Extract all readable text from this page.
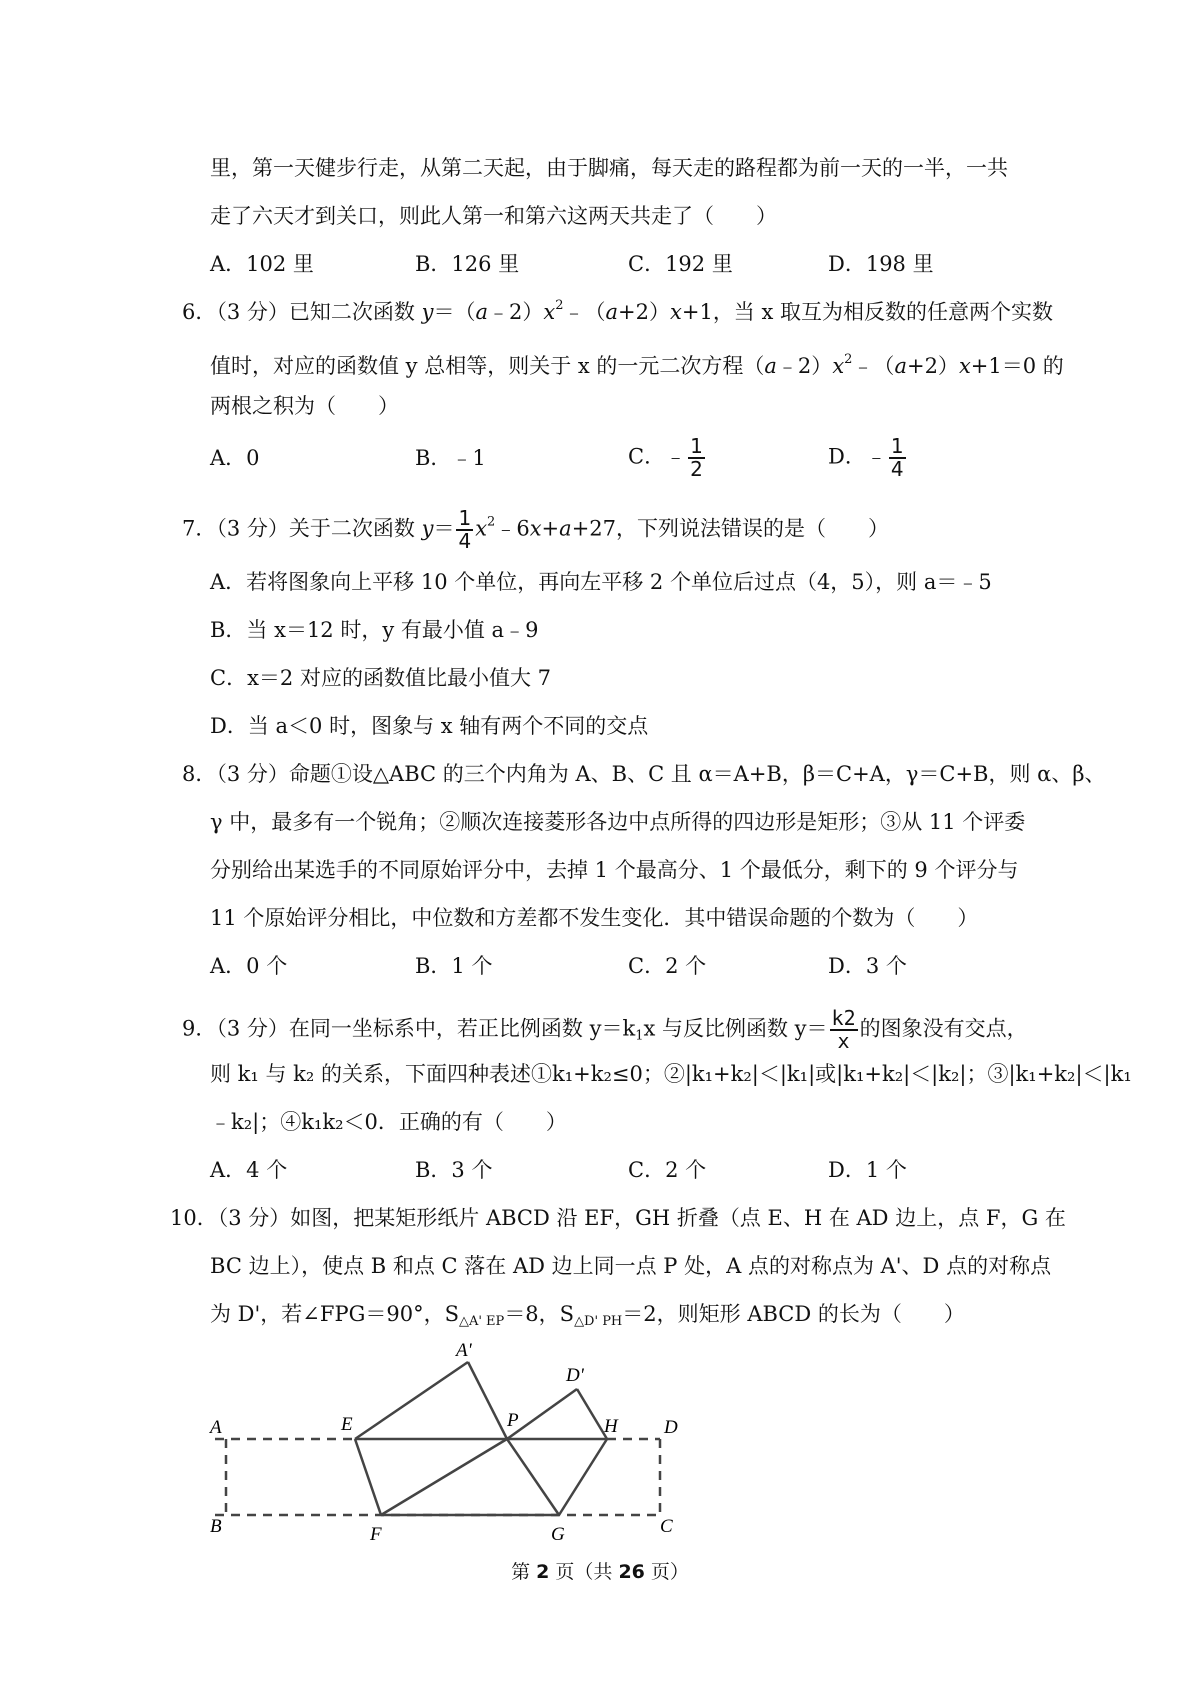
里，第一天健步行走，从第二天起，由于脚痛，每天走的路程都为前一天的一半，一共
走了六天才到关口，则此人第一和第六这两天共走了（　　）
A．102 里	B．126 里	C．192 里	D．198 里
6．（3 分）已知二次函数 $y=(a﹣2)x^2﹣(a+2)x+1$，当 x 取互为相反数的任意两个实数
值时，对应的函数值 y 总相等，则关于 x 的一元二次方程$(a﹣2)x^2﹣(a+2)x+1=0$ 的
两根之积为（　　）
A．0	B．﹣1	C．﹣ $\frac{1}{2}$	D．﹣ $\frac{1}{4}$
7．（3 分）关于二次函数 $y= \frac{1}{4}$ $x^2﹣6x+a+27$，下列说法错误的是（　　）
A．若将图象向上平移 10 个单位，再向左平移 2 个单位后过点（4，5），则 a＝﹣5
B．当 x＝12 时，y 有最小值 a﹣9
C．x＝2 对应的函数值比最小值大 7
D．当 a＜0 时，图象与 x 轴有两个不同的交点
8．（3 分）命题①设△ABC 的三个内角为 A、B、C 且 α＝A+B，β＝C+A，γ＝C+B，则 α、β、
γ 中，最多有一个锐角；②顺次连接菱形各边中点所得的四边形是矩形；③从 11 个评委
分别给出某选手的不同原始评分中，去掉 1 个最高分、1 个最低分，剩下的 9 个评分与
11 个原始评分相比，中位数和方差都不发生变化．其中错误命题的个数为（　　）
A．0 个	B．1 个	C．2 个	D．3 个
9．（3 分）在同一坐标系中，若正比例函数 $y=k_1x$ 与反比例函数 $y= \frac{k2}{x}$ 的图象没有交点，
则 k₁ 与 k₂ 的关系，下面四种表述①k₁+k₂≤0；②|k₁+k₂|＜|k₁|或|k₁+k₂|＜|k₂|；③|k₁+k₂|＜|k₁
﹣k₂|；④k₁k₂＜0．正确的有（　　）
A．4 个	B．3 个	C．2 个	D．1 个
10．（3 分）如图，把某矩形纸片 ABCD 沿 EF，GH 折叠（点 E、H 在 AD 边上，点 F，G 在
BC 边上），使点 B 和点 C 落在 AD 边上同一点 P 处，A 点的对称点为 A'、D 点的对称点
为 D'，若∠FPG＝90°，$S_{\triangle A' EP}=8$，$S_{\triangle D' PH}=2$，则矩形 ABCD 的长为（　　）
A
B	C
D
E
F	G
H
P
A'
D'
第 2 页（共 26 页）
